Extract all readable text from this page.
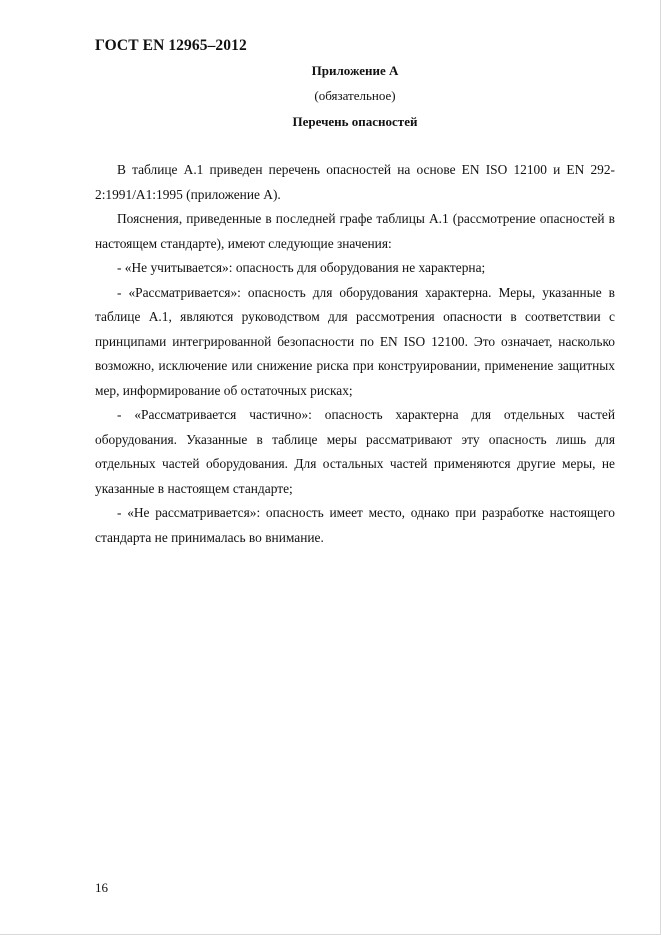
ГОСТ EN 12965–2012
Приложение А
(обязательное)
Перечень опасностей

В таблице А.1 приведен перечень опасностей на основе EN ISO 12100 и EN 292-2:1991/А1:1995 (приложение А).

Пояснения, приведенные в последней графе таблицы А.1 (рассмотрение опасностей в настоящем стандарте), имеют следующие значения:

- «Не учитывается»: опасность для оборудования не характерна;

- «Рассматривается»: опасность для оборудования характерна. Меры, указанные в таблице А.1, являются руководством для рассмотрения опасности в соответствии с принципами интегрированной безопасности по EN ISO 12100. Это означает, насколько возможно, исключение или снижение риска при конструировании, применение защитных мер, информирование об остаточных рисках;

- «Рассматривается частично»: опасность характерна для отдельных частей оборудования. Указанные в таблице меры рассматривают эту опасность лишь для отдельных частей оборудования. Для остальных частей применяются другие меры, не указанные в настоящем стандарте;

- «Не рассматривается»: опасность имеет место, однако при разработке настоящего стандарта не принималась во внимание.

16
